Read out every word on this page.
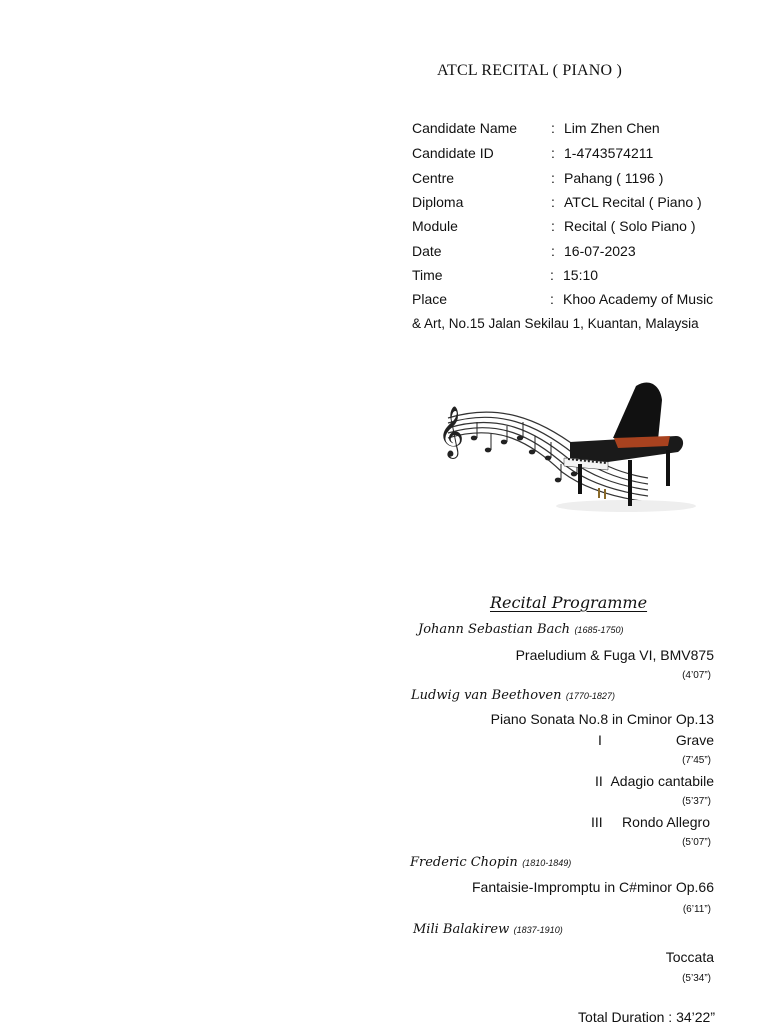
ATCL RECITAL ( PIANO )
Candidate Name : Lim Zhen Chen
Candidate ID	: 1-4743574211
Centre	: Pahang ( 1196 )
Diploma	: ATCL Recital ( Piano )
Module	: Recital ( Solo Piano )
Date	: 16-07-2023
Time	: 15:10
Place	: Khoo Academy of Music
& Art, No.15 Jalan Sekilau 1, Kuantan, Malaysia
𝄞
Recital Programme
Johann Sebastian Bach (1685-1750)
Praeludium & Fuga VI, BMV875
(4’07”)
Ludwig van Beethoven (1770-1827)
Piano Sonata No.8 in Cminor Op.13
I	Grave
(7’45”)
II Adagio cantabile
(5’37”)
III Rondo Allegro
(5’07”)
Frederic Chopin (1810-1849)
Fantaisie-Impromptu in C#minor Op.66
(6’11”)
Mili Balakirew (1837-1910)
Toccata
(5’34”)
Total Duration : 34’22”
